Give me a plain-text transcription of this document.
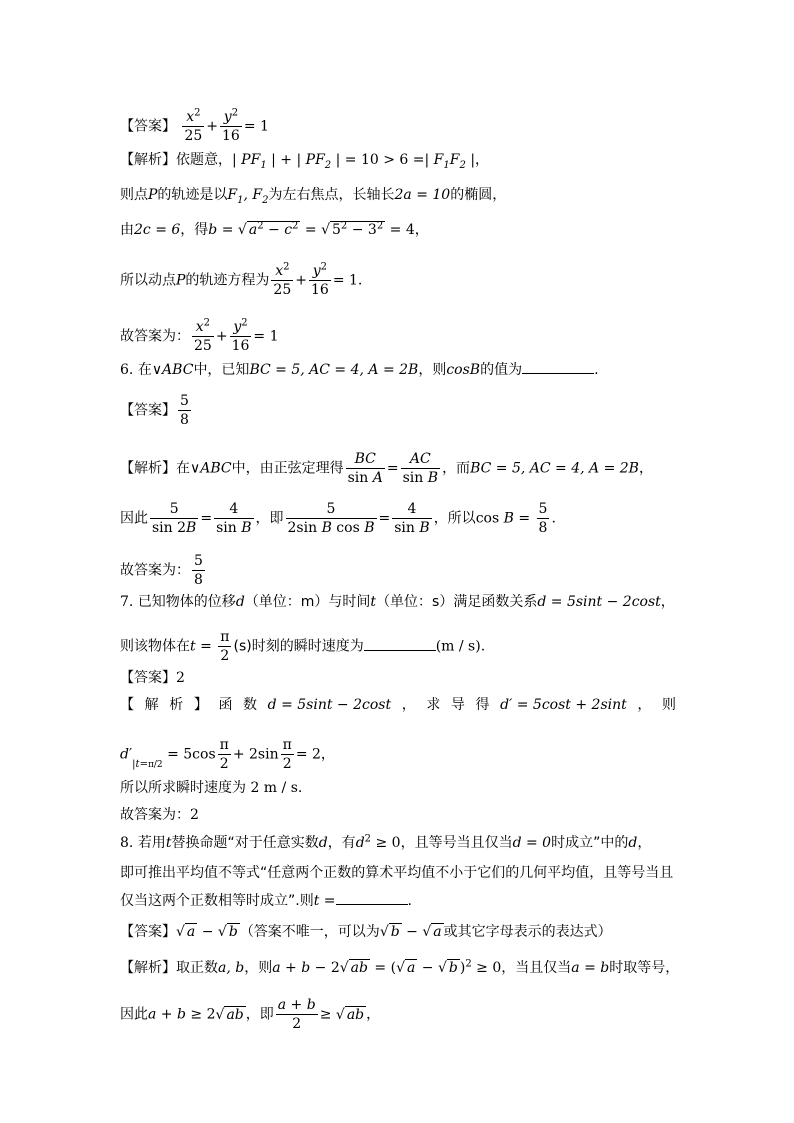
【答案】 $\frac{x^2}{25} + \frac{y^2}{16} = 1$
【解析】依题意，| $PF_1$ | + | $PF_2$ | = 10 > 6 =| $F_1F_2$ |，
则点P的轨迹是以$F_1$, $F_2$为左右焦点，长轴长2a = 10的椭圆，
由2c = 6，得b = √ $a^2 - c^2$ = √ $5^2 - 3^2 = 4$，
所以动点P的轨迹方程为 $\frac{x^2}{25} + \frac{y^2}{16} = 1$.
故答案为： $\frac{x^2}{25} + \frac{y^2}{16} = 1$
6. 在∨ABC中，已知BC = 5, AC = 4, A = 2B，则cosB的值为	.
【答案】 $\frac{5}{8}$
【解析】在∨ABC中，由正弦定理得 $\frac{BC}{\text{sin A}} = \frac{AC}{\text{sin B}}$ ，而BC = 5, AC = 4, A = 2B，
因此 $\frac{5}{\sin 2B} = \frac{4}{\text{sin B}}$ ，即 $\frac{5}{\text{2sin B cos B}} = \frac{4}{\text{sin B}}$ ，所以$\cos B = \frac{5}{8}$ .
故答案为： $\frac{5}{8}$
7. 已知物体的位移d（单位：m）与时间t（单位：s）满足函数关系d = 5sint − 2cost，
则该物体在$t = \frac{\pi}{2} (s)$时刻的瞬时速度为	(m / s).
【答案】2
【 解 析 】 函 数 d = 5sint − 2cost ， 求 导 得 d′ = 5cost + 2sint ， 则
$d'_{|t=\pi/2} = 5\cos \frac{\pi}{2} + 2\sin \frac{\pi}{2} = 2$，
所以所求瞬时速度为 2 m / s.
故答案为：2
8. 若用t替换命题“对于任意实数d，有$d^2 \ge 0$，且等号当且仅当d = 0时成立”中的d，
即可推出平均值不等式“任意两个正数的算术平均值不小于它们的几何平均值，且等号当且
仅当这两个正数相等时成立”.则t =	.
【答案】√ a − √ b （答案不唯一，可以为√ b − √ a 或其它字母表示的表达式）
【解析】取正数a, b，则a + b − 2√ ab = (√ a − √ b )$^2$ ≥ 0，当且仅当a = b时取等号，
因此a + b ≥ 2√ ab ，即 $\frac{a + b}{2}$ ≥ √ ab ，
